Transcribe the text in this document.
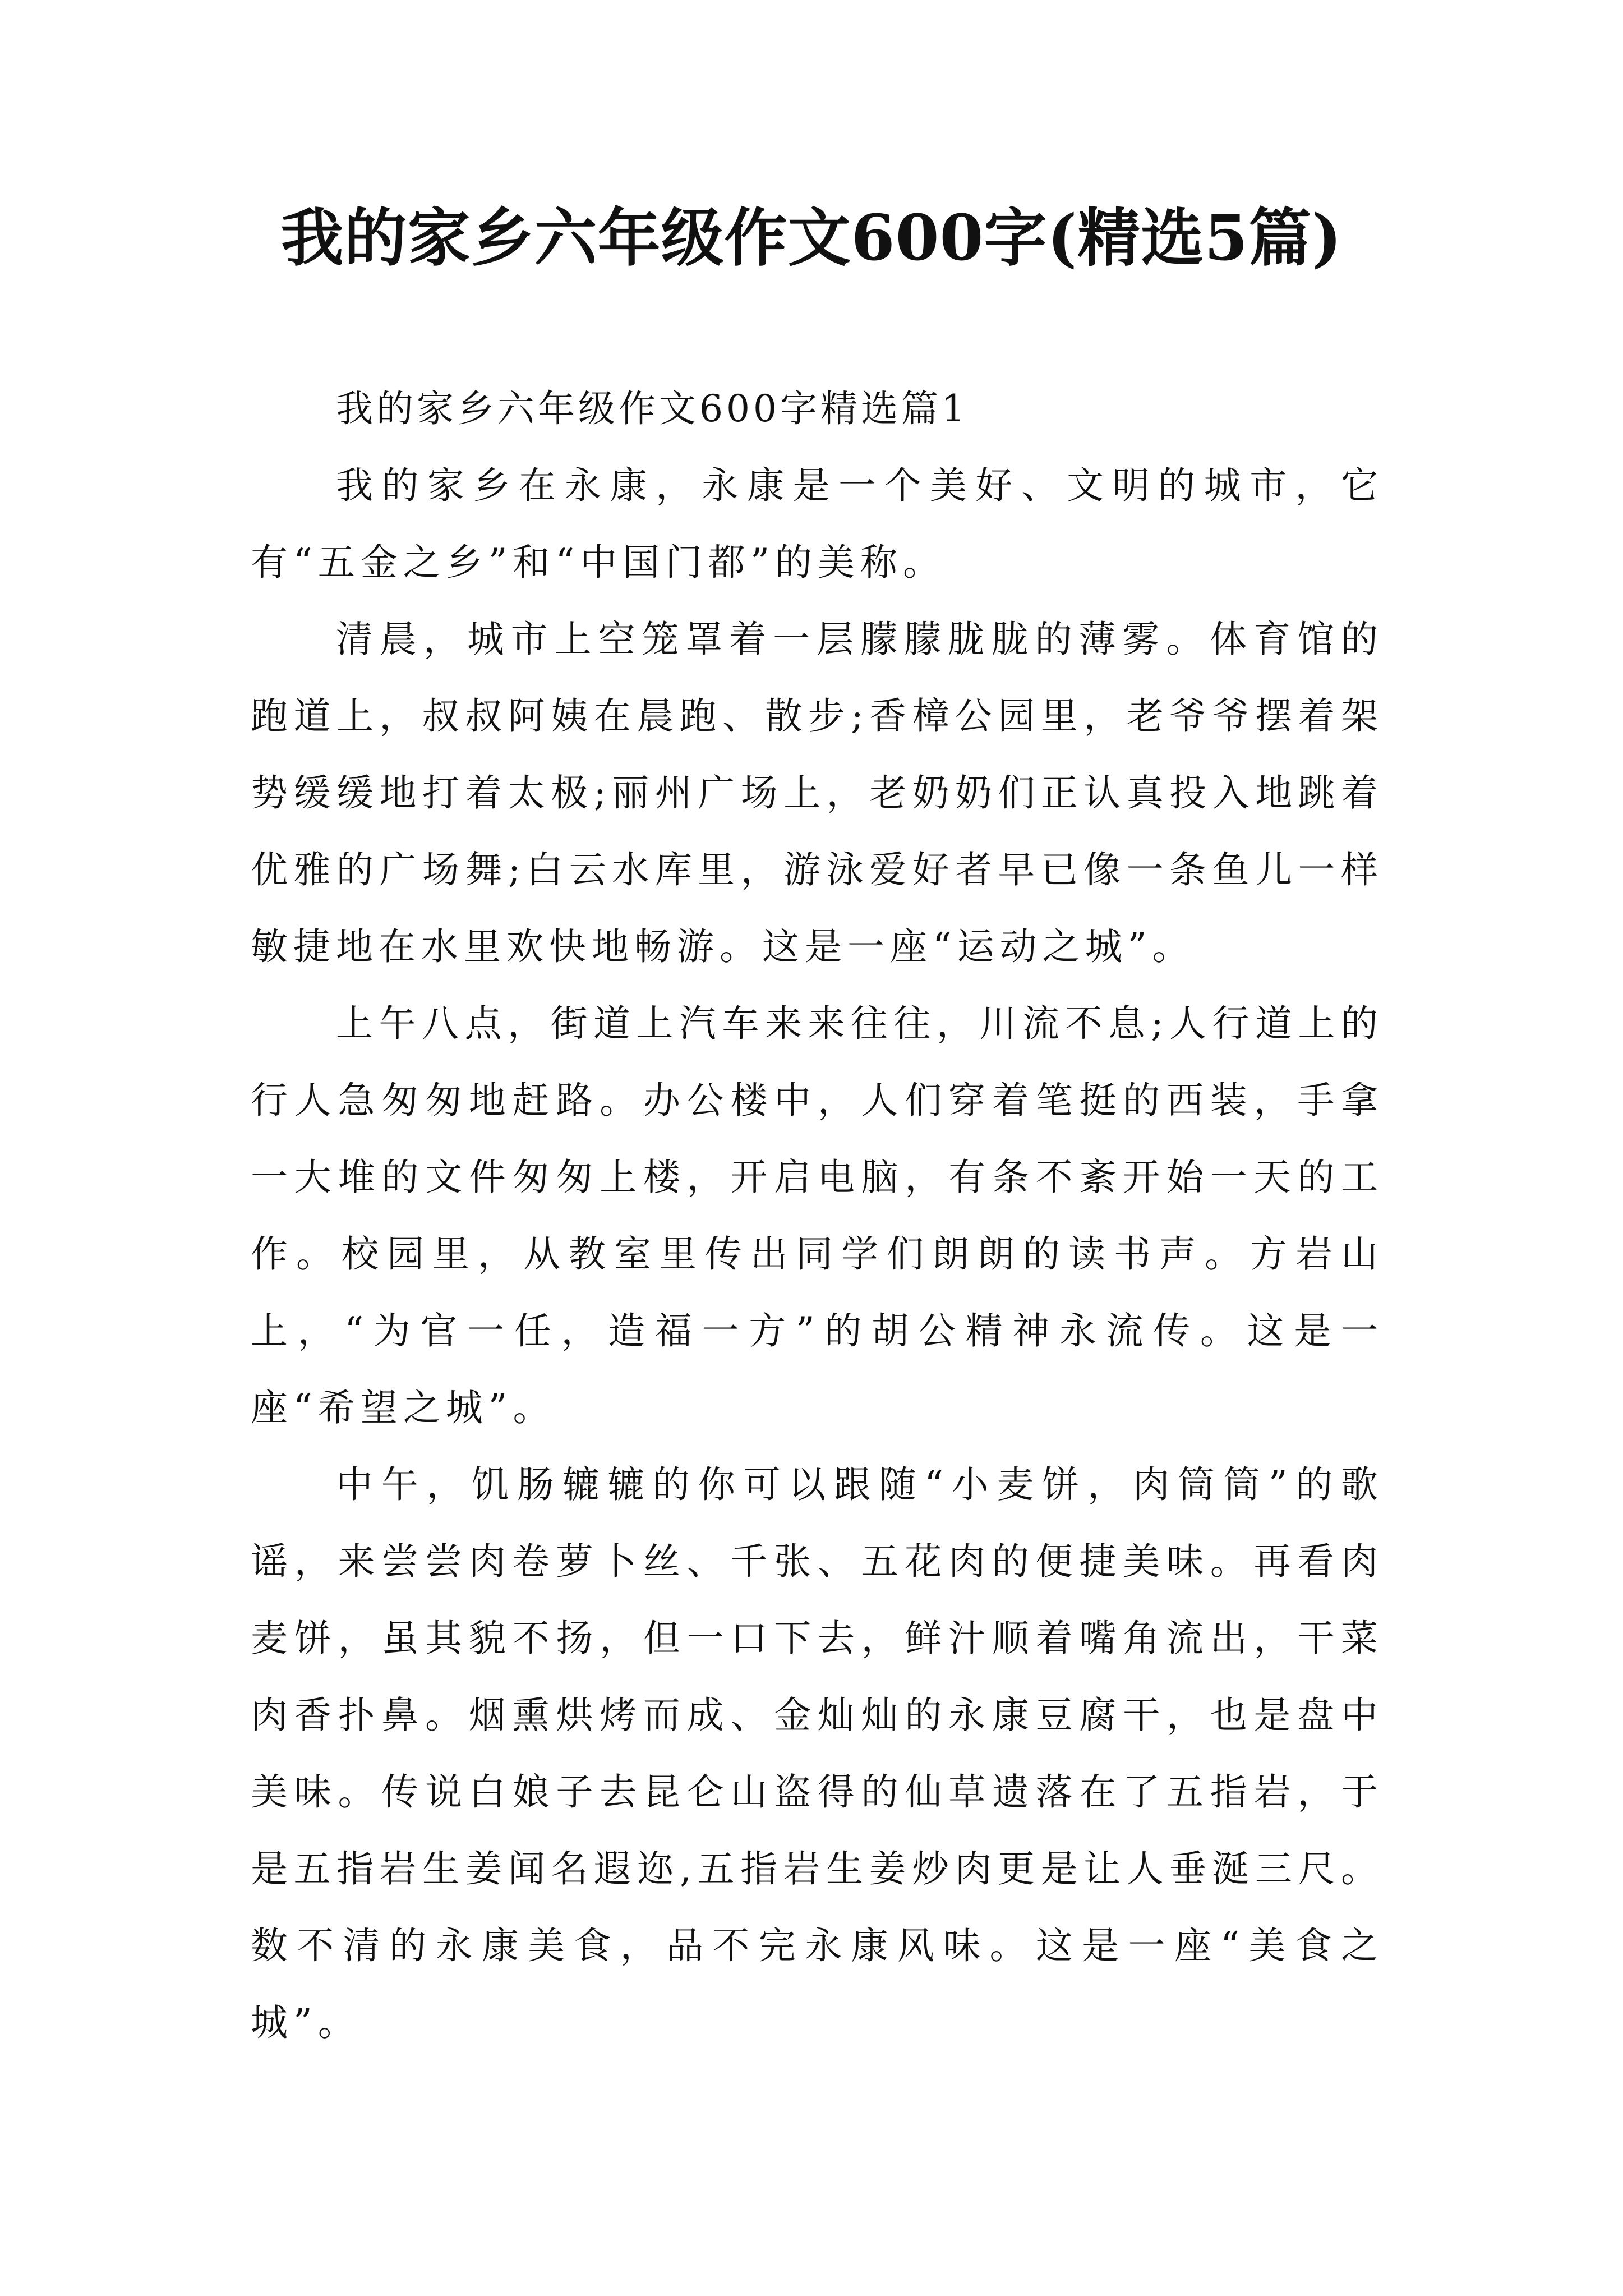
我的家乡六年级作文600字(精选5篇)

我的家乡六年级作文600字精选篇1

我的家乡在永康，永康是一个美好、文明的城市，它有“五金之乡”和“中国门都”的美称。

清晨，城市上空笼罩着一层朦朦胧胧的薄雾。体育馆的跑道上，叔叔阿姨在晨跑、散步;香樟公园里，老爷爷摆着架势缓缓地打着太极;丽州广场上，老奶奶们正认真投入地跳着优雅的广场舞;白云水库里，游泳爱好者早已像一条鱼儿一样敏捷地在水里欢快地畅游。这是一座“运动之城”。

上午八点，街道上汽车来来往往，川流不息;人行道上的行人急匆匆地赶路。办公楼中，人们穿着笔挺的西装，手拿一大堆的文件匆匆上楼，开启电脑，有条不紊开始一天的工作。校园里，从教室里传出同学们朗朗的读书声。方岩山上，“为官一任，造福一方”的胡公精神永流传。这是一座“希望之城”。

中午，饥肠辘辘的你可以跟随“小麦饼，肉筒筒”的歌谣，来尝尝肉卷萝卜丝、千张、五花肉的便捷美味。再看肉麦饼，虽其貌不扬，但一口下去，鲜汁顺着嘴角流出，干菜肉香扑鼻。烟熏烘烤而成、金灿灿的永康豆腐干，也是盘中美味。传说白娘子去昆仑山盗得的仙草遗落在了五指岩，于是五指岩生姜闻名遐迩,五指岩生姜炒肉更是让人垂涎三尺。数不清的永康美食，品不完永康风味。这是一座“美食之城”。
